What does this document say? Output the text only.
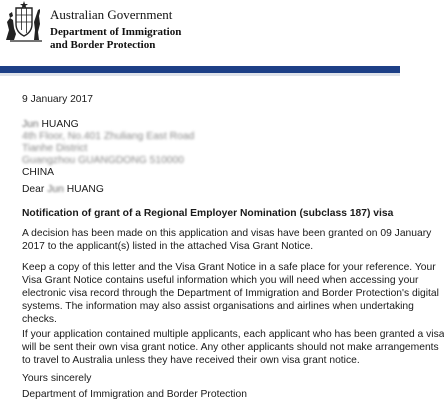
Australian Government
Department of Immigration
and Border Protection
9 January 2017
Jun HUANG
4th Floor, No.401 Zhuliang East Road
Tianhe District
Guangzhou GUANGDONG 510000
CHINA
Dear Jun HUANG
Notification of grant of a Regional Employer Nomination (subclass 187) visa
A decision has been made on this application and visas have been granted on 09 January
2017 to the applicant(s) listed in the attached Visa Grant Notice.
Keep a copy of this letter and the Visa Grant Notice in a safe place for your reference. Your
Visa Grant Notice contains useful information which you will need when accessing your
electronic visa record through the Department of Immigration and Border Protection's digital
systems. The information may also assist organisations and airlines when undertaking
checks.
If your application contained multiple applicants, each applicant who has been granted a visa
will be sent their own visa grant notice. Any other applicants should not make arrangements
to travel to Australia unless they have received their own visa grant notice.
Yours sincerely
Department of Immigration and Border Protection
